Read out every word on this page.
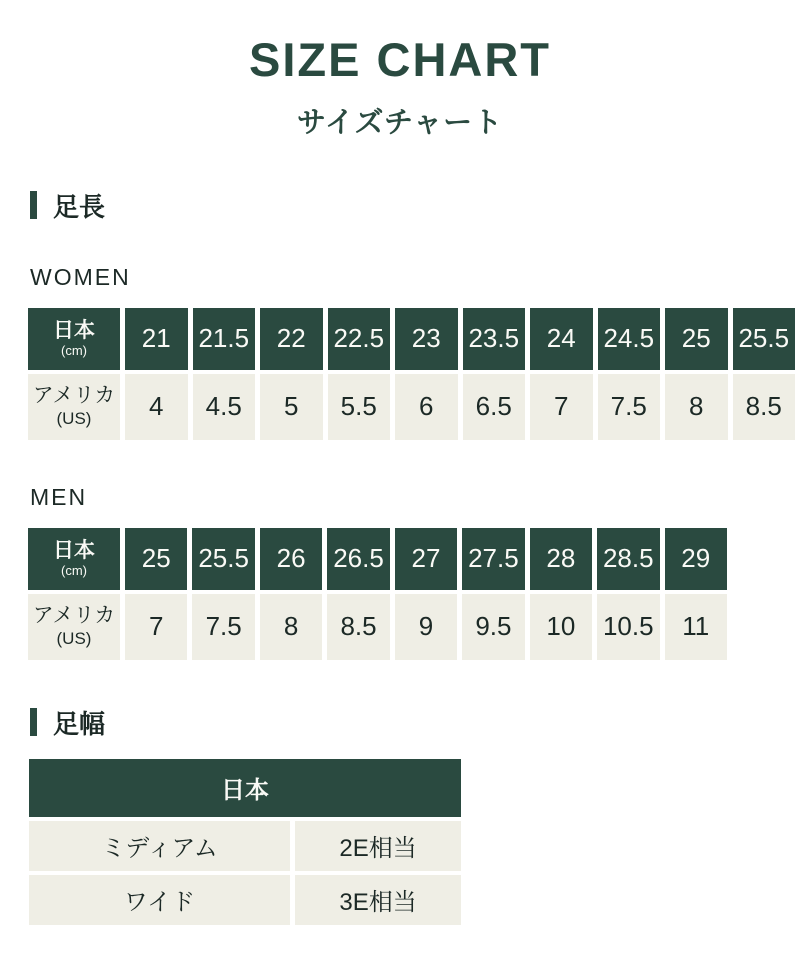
SIZE CHART
サイズチャート
足長
WOMEN
日本
(cm)	21	21.5	22	22.5	23	23.5	24	24.5	25	25.5

アメリカ
(US)	4	4.5	5	5.5	6	6.5	7	7.5	8	8.5
MEN
日本
(cm)	25	25.5	26	26.5	27	27.5	28	28.5	29

アメリカ
(US)	7	7.5	8	8.5	9	9.5	10	10.5	11
足幅
日本	
ミディアム	2E相当
ワイド	3E相当
